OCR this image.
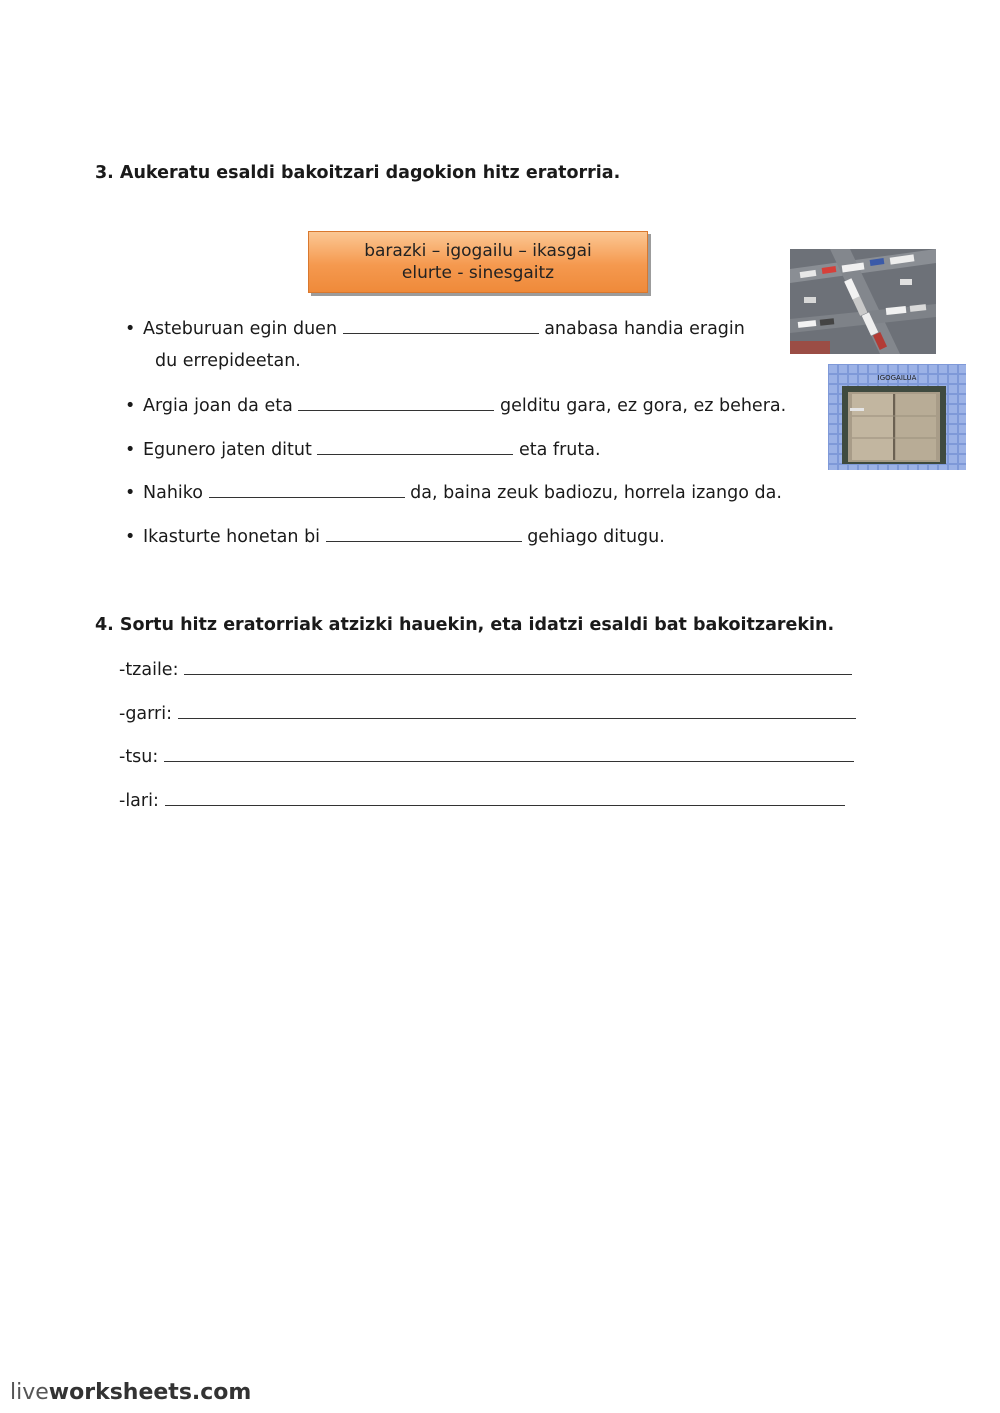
3. Aukeratu esaldi bakoitzari dagokion hitz eratorria.
barazki – igogailu – ikasgai
elurte - sinesgaitz
IGOGAILUA
• Asteburuan egin duen	anabasa handia eragin
du errepideetan.
• Argia joan da eta	gelditu gara, ez gora, ez behera.
• Egunero jaten ditut	eta fruta.
• Nahiko	da, baina zeuk badiozu, horrela izango da.
• Ikasturte honetan bi	gehiago ditugu.
4. Sortu hitz eratorriak atzizki hauekin, eta idatzi esaldi bat bakoitzarekin.
-tzaile:
-garri:
-tsu:
-lari:
liveworksheets.com
